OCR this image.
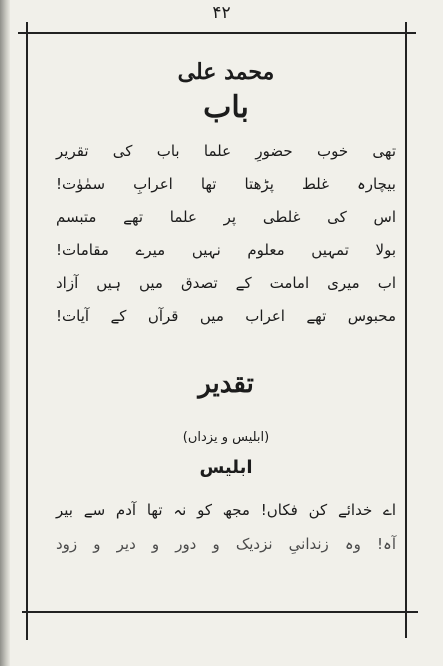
۴۲
محمد علی
باب
تھی خوب حضورِ علما باب کی تقریر
بیچارہ غلط پڑھتا تھا اعرابِ سمٰوٰت!
اس کی غلطی پر علما تھے متبسم
بولا تمہیں معلوم نہیں میرے مقامات!
اب میری امامت کے تصدق میں ہیں آزاد
محبوس تھے اعراب میں قرآں کے آیات!
تقدیر
(ابلیس و یزداں)
ابلیس
اے خدائے کن فکاں! مجھ کو نہ تھا آدم سے بیر
آہ! وہ زندانیِ نزدیک و دور و دیر و زود
